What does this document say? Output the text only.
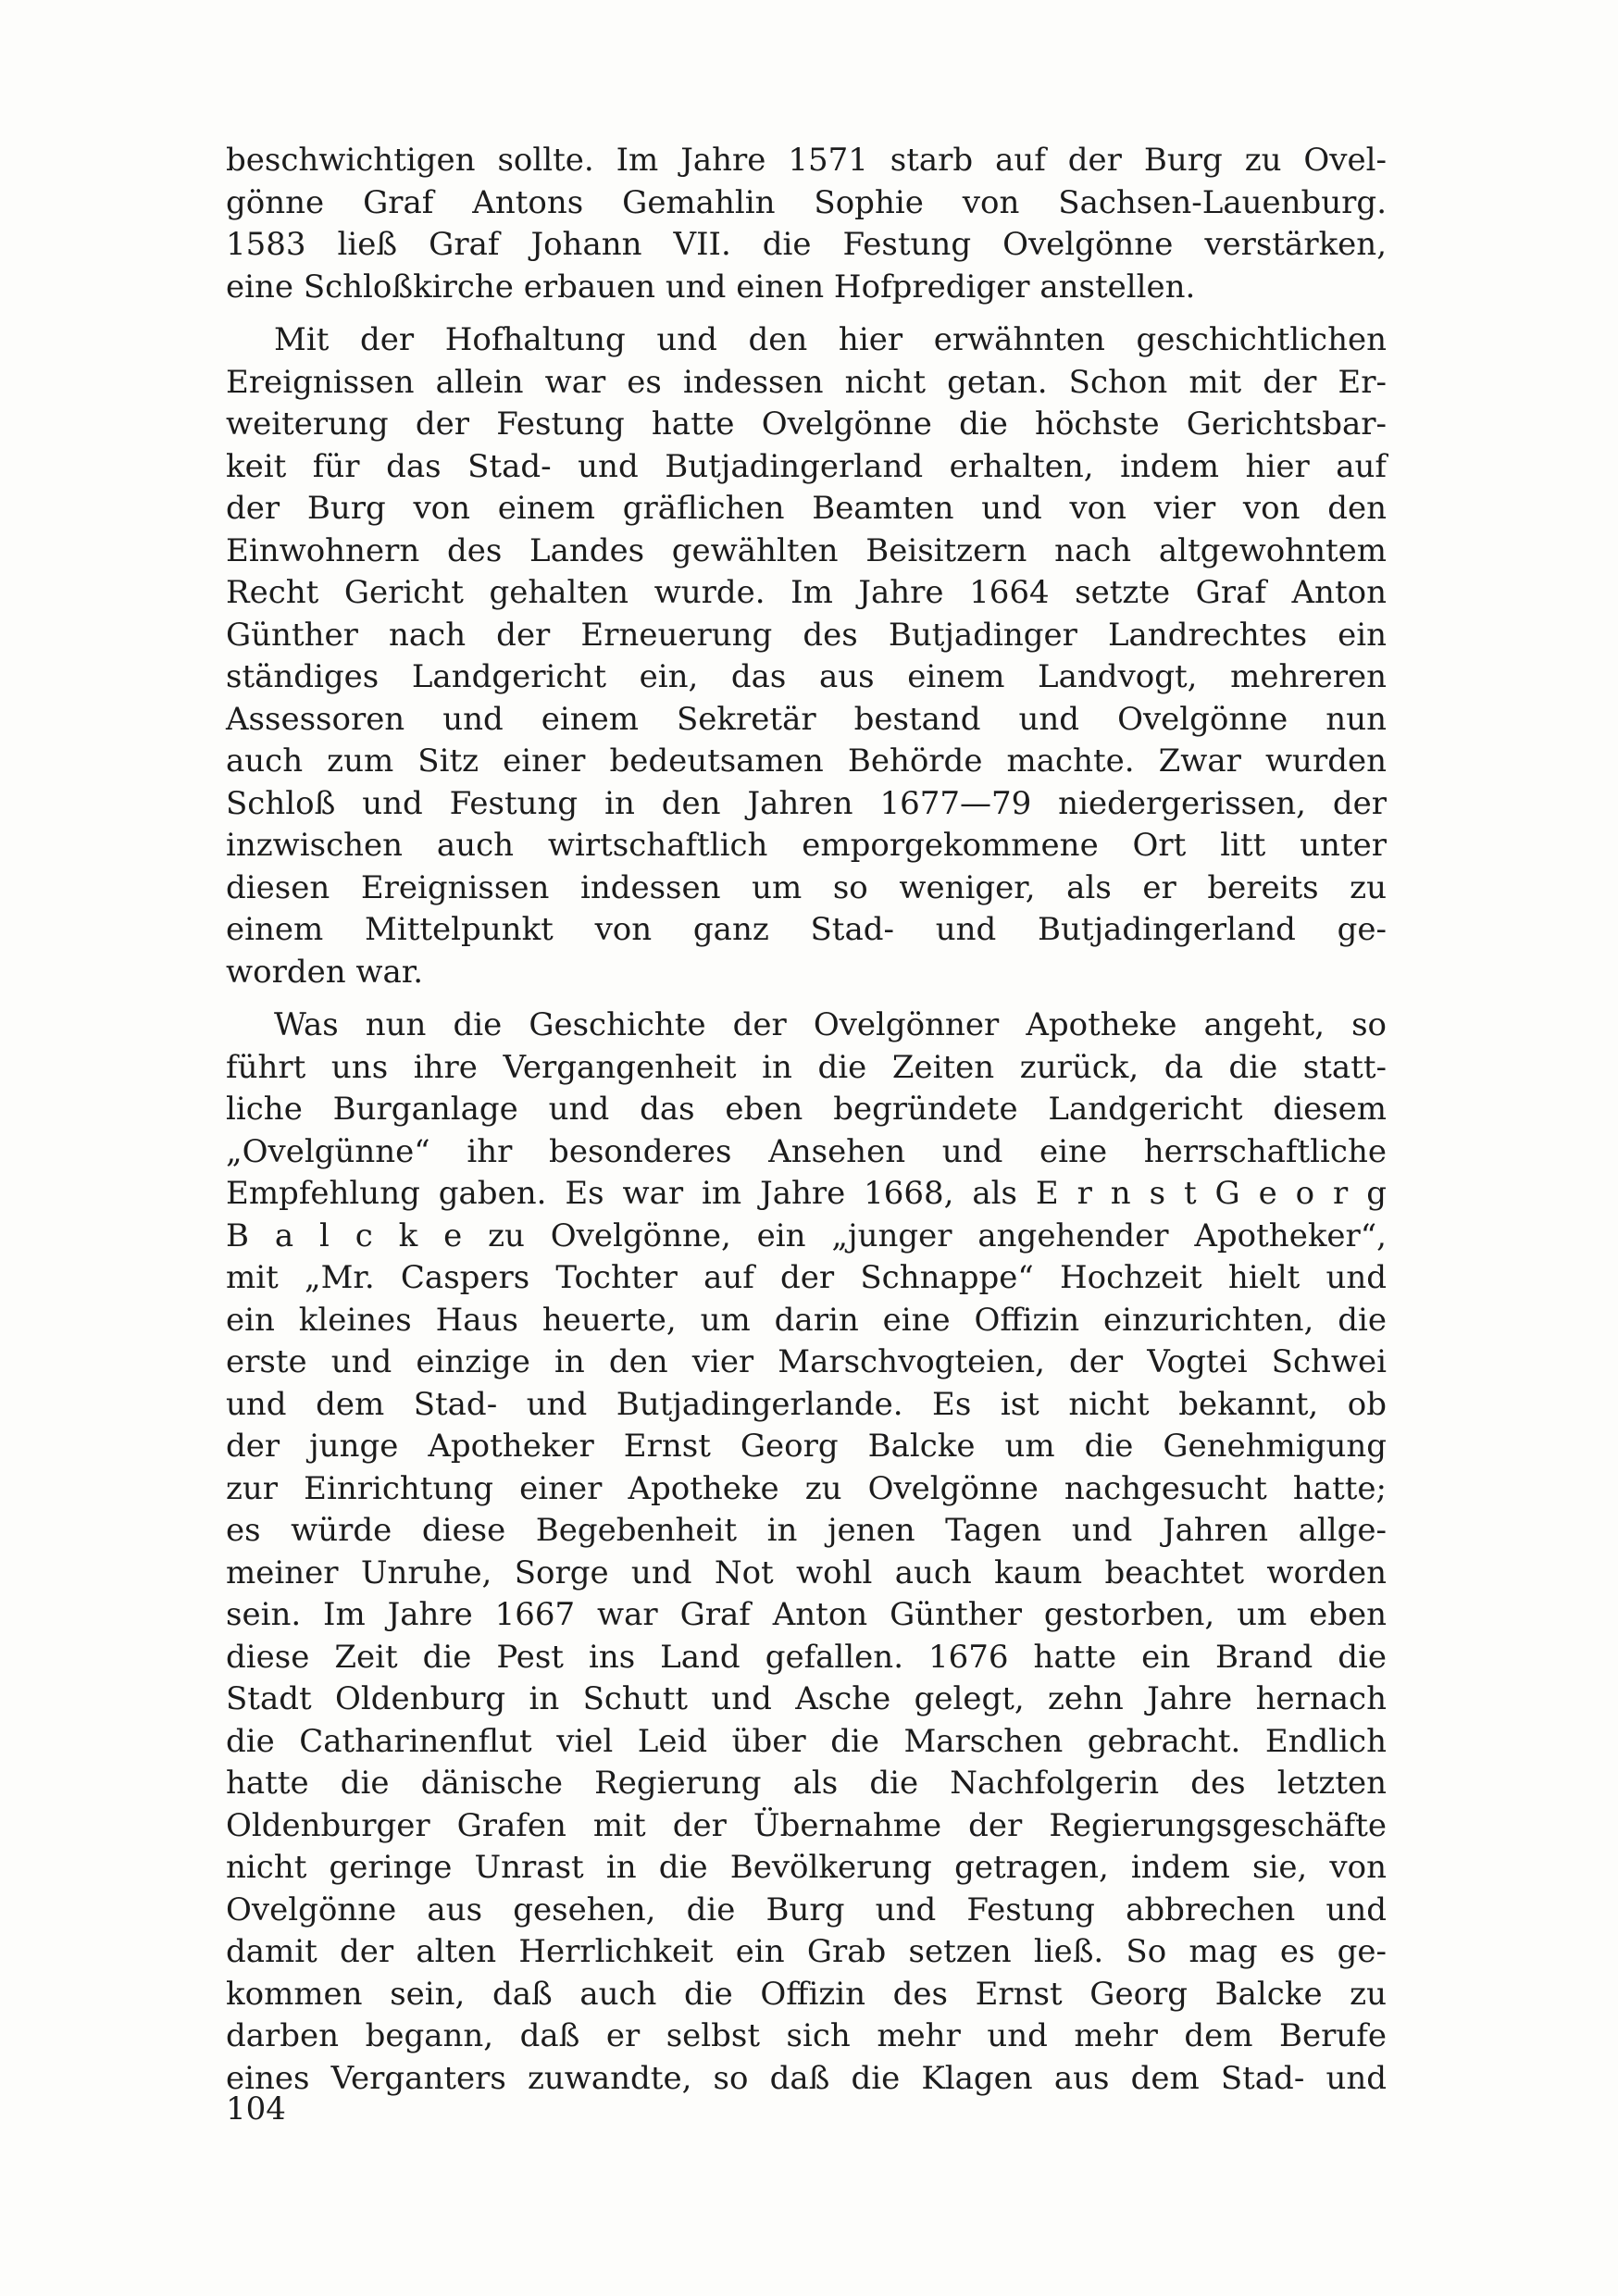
beschwichtigen sollte. Im Jahre 1571 starb auf der Burg zu Ovel-
gönne Graf Antons Gemahlin Sophie von Sachsen-Lauenburg.
1583 ließ Graf Johann VII. die Festung Ovelgönne verstärken,
eine Schloßkirche erbauen und einen Hofprediger anstellen.

Mit der Hofhaltung und den hier erwähnten geschichtlichen
Ereignissen allein war es indessen nicht getan. Schon mit der Er-
weiterung der Festung hatte Ovelgönne die höchste Gerichtsbar-
keit für das Stad- und Butjadingerland erhalten, indem hier auf
der Burg von einem gräflichen Beamten und von vier von den
Einwohnern des Landes gewählten Beisitzern nach altgewohntem
Recht Gericht gehalten wurde. Im Jahre 1664 setzte Graf Anton
Günther nach der Erneuerung des Butjadinger Landrechtes ein
ständiges Landgericht ein, das aus einem Landvogt, mehreren
Assessoren und einem Sekretär bestand und Ovelgönne nun
auch zum Sitz einer bedeutsamen Behörde machte. Zwar wurden
Schloß und Festung in den Jahren 1677—79 niedergerissen, der
inzwischen auch wirtschaftlich emporgekommene Ort litt unter
diesen Ereignissen indessen um so weniger, als er bereits zu
einem Mittelpunkt von ganz Stad- und Butjadingerland ge-
worden war.

Was nun die Geschichte der Ovelgönner Apotheke angeht, so
führt uns ihre Vergangenheit in die Zeiten zurück, da die statt-
liche Burganlage und das eben begründete Landgericht diesem
„Ovelgünne“ ihr besonderes Ansehen und eine herrschaftliche
Empfehlung gaben. Es war im Jahre 1668, als E r n s t G e o r g
B a l c k e zu Ovelgönne, ein „junger angehender Apotheker“,
mit „Mr. Caspers Tochter auf der Schnappe“ Hochzeit hielt und
ein kleines Haus heuerte, um darin eine Offizin einzurichten, die
erste und einzige in den vier Marschvogteien, der Vogtei Schwei
und dem Stad- und Butjadingerlande. Es ist nicht bekannt, ob
der junge Apotheker Ernst Georg Balcke um die Genehmigung
zur Einrichtung einer Apotheke zu Ovelgönne nachgesucht hatte;
es würde diese Begebenheit in jenen Tagen und Jahren allge-
meiner Unruhe, Sorge und Not wohl auch kaum beachtet worden
sein. Im Jahre 1667 war Graf Anton Günther gestorben, um eben
diese Zeit die Pest ins Land gefallen. 1676 hatte ein Brand die
Stadt Oldenburg in Schutt und Asche gelegt, zehn Jahre hernach
die Catharinenflut viel Leid über die Marschen gebracht. Endlich
hatte die dänische Regierung als die Nachfolgerin des letzten
Oldenburger Grafen mit der Übernahme der Regierungsgeschäfte
nicht geringe Unrast in die Bevölkerung getragen, indem sie, von
Ovelgönne aus gesehen, die Burg und Festung abbrechen und
damit der alten Herrlichkeit ein Grab setzen ließ. So mag es ge-
kommen sein, daß auch die Offizin des Ernst Georg Balcke zu
darben begann, daß er selbst sich mehr und mehr dem Berufe
eines Verganters zuwandte, so daß die Klagen aus dem Stad- und

104
